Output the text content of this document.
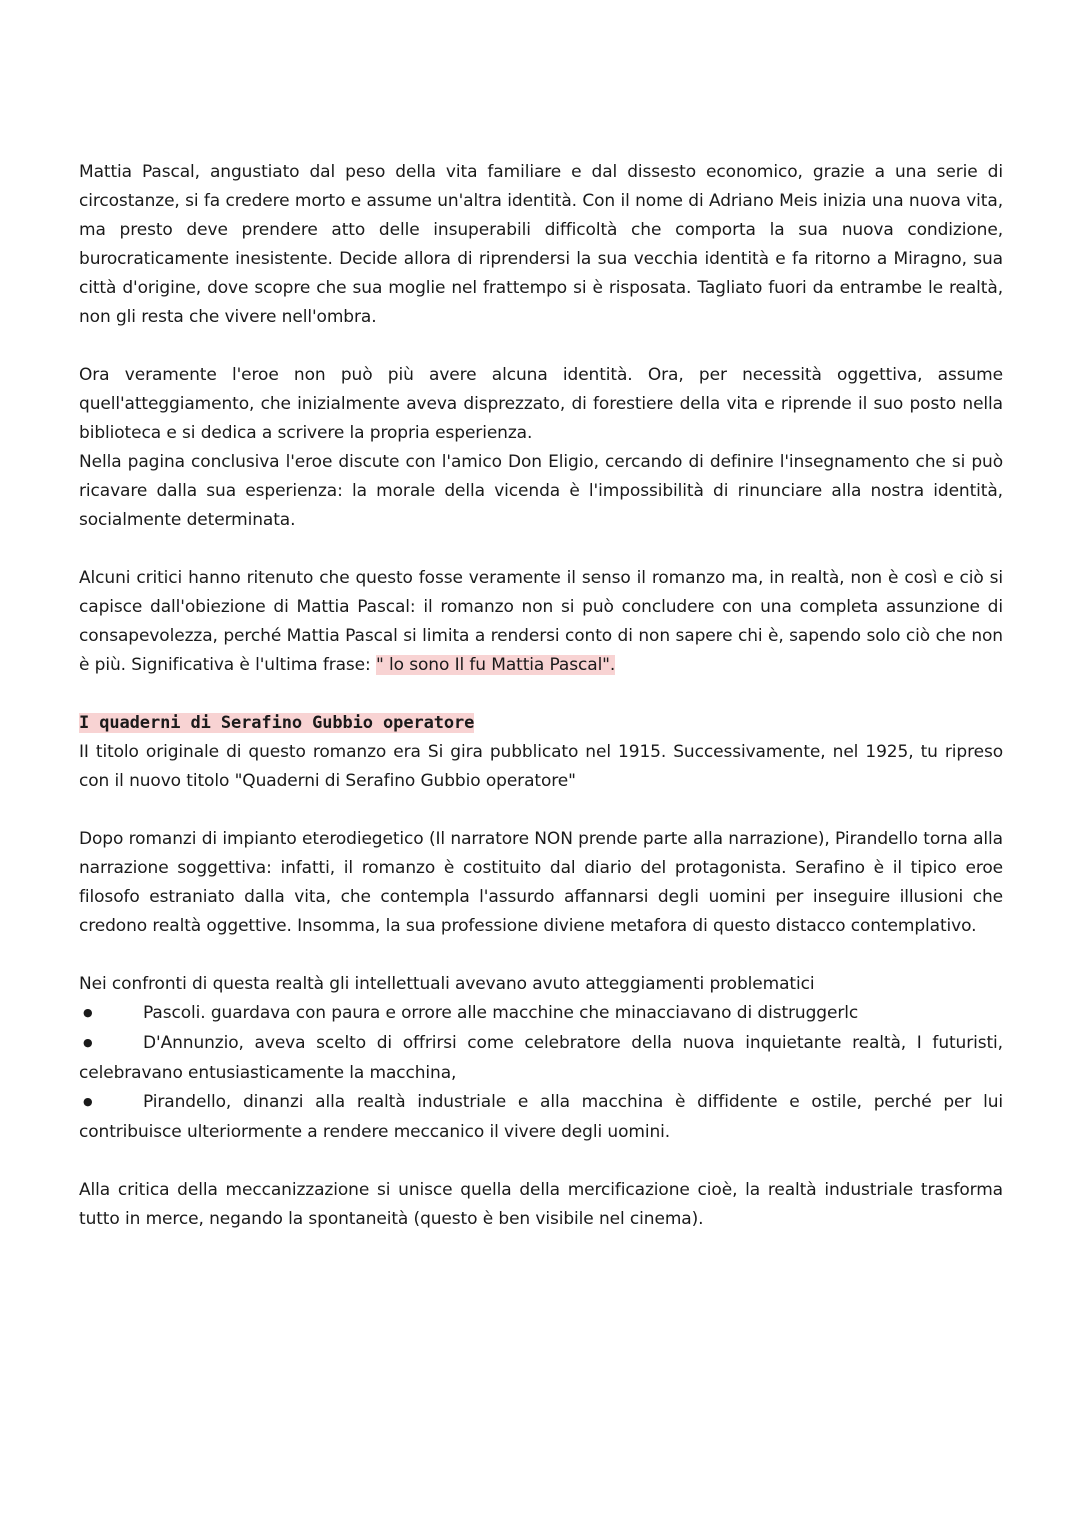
Mattia Pascal, angustiato dal peso della vita familiare e dal dissesto economico, grazie a una serie di circostanze, si fa credere morto e assume un'altra identità. Con il nome di Adriano Meis inizia una nuova vita, ma presto deve prendere atto delle insuperabili difficoltà che comporta la sua nuova condizione, burocraticamente inesistente. Decide allora di riprendersi la sua vecchia identità e fa ritorno a Miragno, sua città d'origine, dove scopre che sua moglie nel frattempo si è risposata. Tagliato fuori da entrambe le realtà, non gli resta che vivere nell'ombra.

Ora veramente l'eroe non può più avere alcuna identità. Ora, per necessità oggettiva, assume quell'atteggiamento, che inizialmente aveva disprezzato, di forestiere della vita e riprende il suo posto nella biblioteca e si dedica a scrivere la propria esperienza.

Nella pagina conclusiva l'eroe discute con l'amico Don Eligio, cercando di definire l'insegnamento che si può ricavare dalla sua esperienza: la morale della vicenda è l'impossibilità di rinunciare alla nostra identità, socialmente determinata.

Alcuni critici hanno ritenuto che questo fosse veramente il senso il romanzo ma, in realtà, non è così e ciò si capisce dall'obiezione di Mattia Pascal: il romanzo non si può concludere con una completa assunzione di consapevolezza, perché Mattia Pascal si limita a rendersi conto di non sapere chi è, sapendo solo ciò che non è più. Significativa è l'ultima frase: " lo sono Il fu Mattia Pascal".

I quaderni di Serafino Gubbio operatore

II titolo originale di questo romanzo era Si gira pubblicato nel 1915. Successivamente, nel 1925, tu ripreso con il nuovo titolo "Quaderni di Serafino Gubbio operatore"

Dopo romanzi di impianto eterodiegetico (Il narratore NON prende parte alla narrazione), Pirandello torna alla narrazione soggettiva: infatti, il romanzo è costituito dal diario del protagonista. Serafino è il tipico eroe filosofo estraniato dalla vita, che contempla l'assurdo affannarsi degli uomini per inseguire illusioni che credono realtà oggettive. Insomma, la sua professione diviene metafora di questo distacco contemplativo.

Nei confronti di questa realtà gli intellettuali avevano avuto atteggiamenti problematici

●Pascoli. guardava con paura e orrore alle macchine che minacciavano di distruggerlc

●D'Annunzio, aveva scelto di offrirsi come celebratore della nuova inquietante realtà, I futuristi, celebravano entusiasticamente la macchina,

●Pirandello, dinanzi alla realtà industriale e alla macchina è diffidente e ostile, perché per lui contribuisce ulteriormente a rendere meccanico il vivere degli uomini.

Alla critica della meccanizzazione si unisce quella della mercificazione cioè, la realtà industriale trasforma tutto in merce, negando la spontaneità (questo è ben visibile nel cinema).
